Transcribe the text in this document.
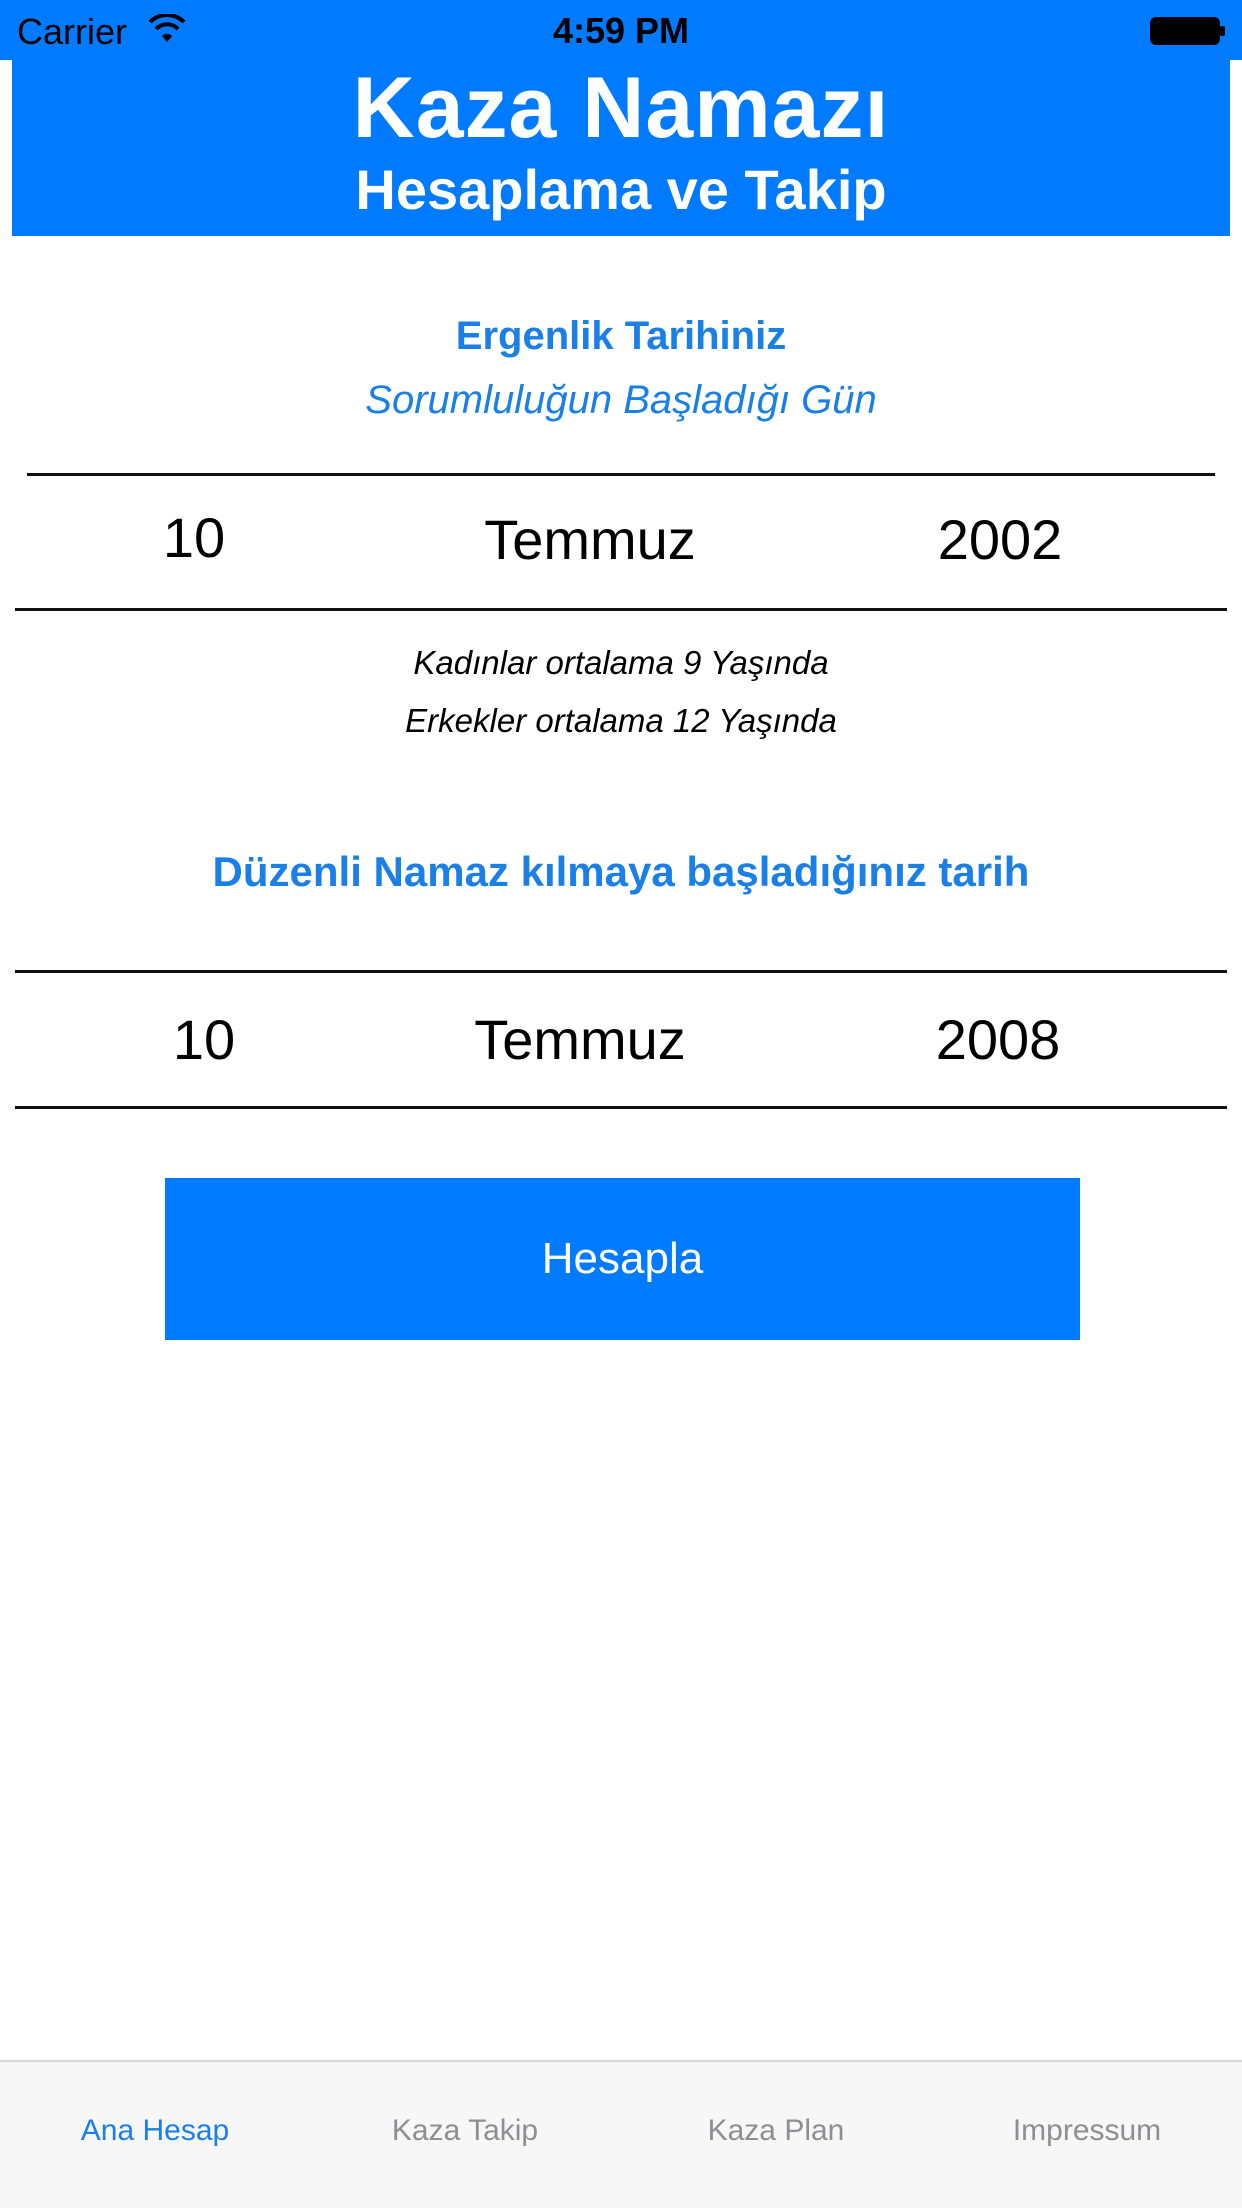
Carrier	4:59 PM
Kaza Namazı
Hesaplama ve Takip
Ergenlik Tarihiniz
Sorumluluğun Başladığı Gün
10	Temmuz	2002
Kadınlar ortalama 9 Yaşında
Erkekler ortalama 12 Yaşında
Düzenli Namaz kılmaya başladığınız tarih
10	Temmuz	2008
Hesapla
Ana Hesap	Kaza Takip	Kaza Plan	Impressum
